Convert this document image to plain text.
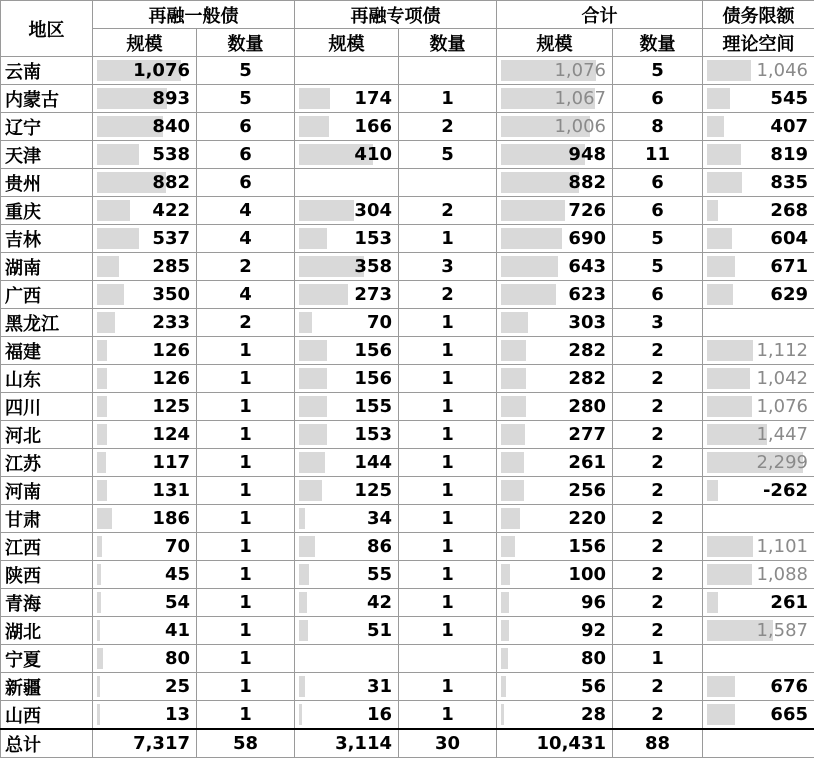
地区	再融一般债		再融专项债		合计		债务限额
	规模	数量	规模	数量	规模	数量	理论空间
云南	1,076	5			1,076	5	1,046
内蒙古	893	5	174	1	1,067	6	545
辽宁	840	6	166	2	1,006	8	407
天津	538	6	410	5	948	11	819
贵州	882	6			882	6	835
重庆	422	4	304	2	726	6	268
吉林	537	4	153	1	690	5	604
湖南	285	2	358	3	643	5	671
广西	350	4	273	2	623	6	629
黑龙江	233	2	70	1	303	3	
福建	126	1	156	1	282	2	1,112
山东	126	1	156	1	282	2	1,042
四川	125	1	155	1	280	2	1,076
河北	124	1	153	1	277	2	1,447
江苏	117	1	144	1	261	2	2,299
河南	131	1	125	1	256	2	-262
甘肃	186	1	34	1	220	2	
江西	70	1	86	1	156	2	1,101
陕西	45	1	55	1	100	2	1,088
青海	54	1	42	1	96	2	261
湖北	41	1	51	1	92	2	1,587
宁夏	80	1			80	1	
新疆	25	1	31	1	56	2	676
山西	13	1	16	1	28	2	665
总计	7,317	58	3,114	30	10,431	88	
